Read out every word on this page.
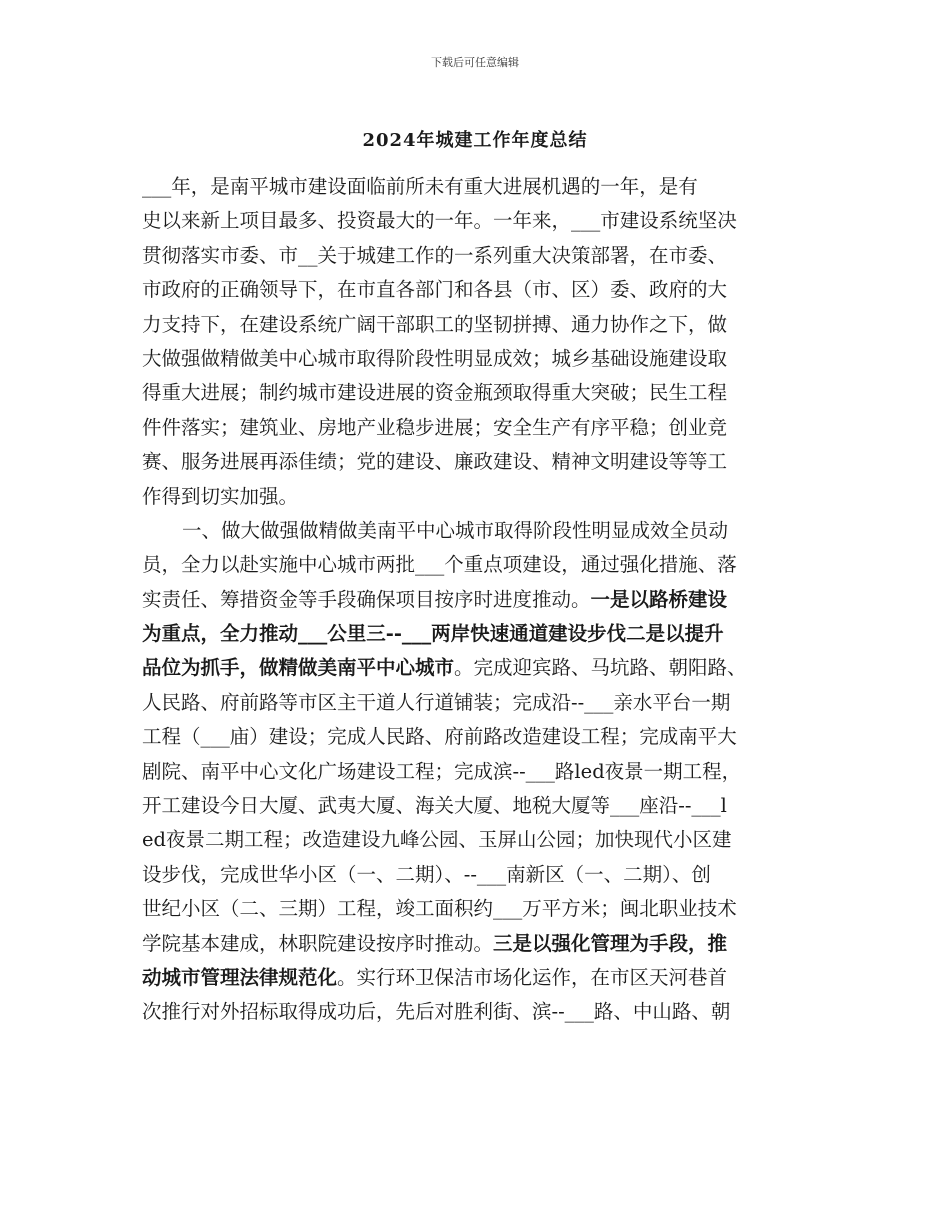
下载后可任意编辑
2024年城建工作年度总结
___年，是南平城市建设面临前所未有重大进展机遇的一年，是有
史以来新上项目最多、投资最大的一年。一年来，___市建设系统坚决
贯彻落实市委、市__关于城建工作的一系列重大决策部署，在市委、
市政府的正确领导下，在市直各部门和各县（市、区）委、政府的大
力支持下，在建设系统广阔干部职工的坚韧拼搏、通力协作之下，做
大做强做精做美中心城市取得阶段性明显成效；城乡基础设施建设取
得重大进展；制约城市建设进展的资金瓶颈取得重大突破；民生工程
件件落实；建筑业、房地产业稳步进展；安全生产有序平稳；创业竞
赛、服务进展再添佳绩；党的建设、廉政建设、精神文明建设等等工
作得到切实加强。
一、做大做强做精做美南平中心城市取得阶段性明显成效全员动
员，全力以赴实施中心城市两批___个重点项建设，通过强化措施、落
实责任、筹措资金等手段确保项目按序时进度推动。一是以路桥建设
为重点，全力推动___公里三--___两岸快速通道建设步伐二是以提升
品位为抓手，做精做美南平中心城市。完成迎宾路、马坑路、朝阳路、
人民路、府前路等市区主干道人行道铺装；完成沿--___亲水平台一期
工程（___庙）建设；完成人民路、府前路改造建设工程；完成南平大
剧院、南平中心文化广场建设工程；完成滨--___路led夜景一期工程，
开工建设今日大厦、武夷大厦、海关大厦、地税大厦等___座沿--___l
ed夜景二期工程；改造建设九峰公园、玉屏山公园；加快现代小区建
设步伐，完成世华小区（一、二期）、--___南新区（一、二期）、创
世纪小区（二、三期）工程，竣工面积约___万平方米；闽北职业技术
学院基本建成，林职院建设按序时推动。三是以强化管理为手段，推
动城市管理法律规范化。实行环卫保洁市场化运作，在市区天河巷首
次推行对外招标取得成功后，先后对胜利街、滨--___路、中山路、朝
